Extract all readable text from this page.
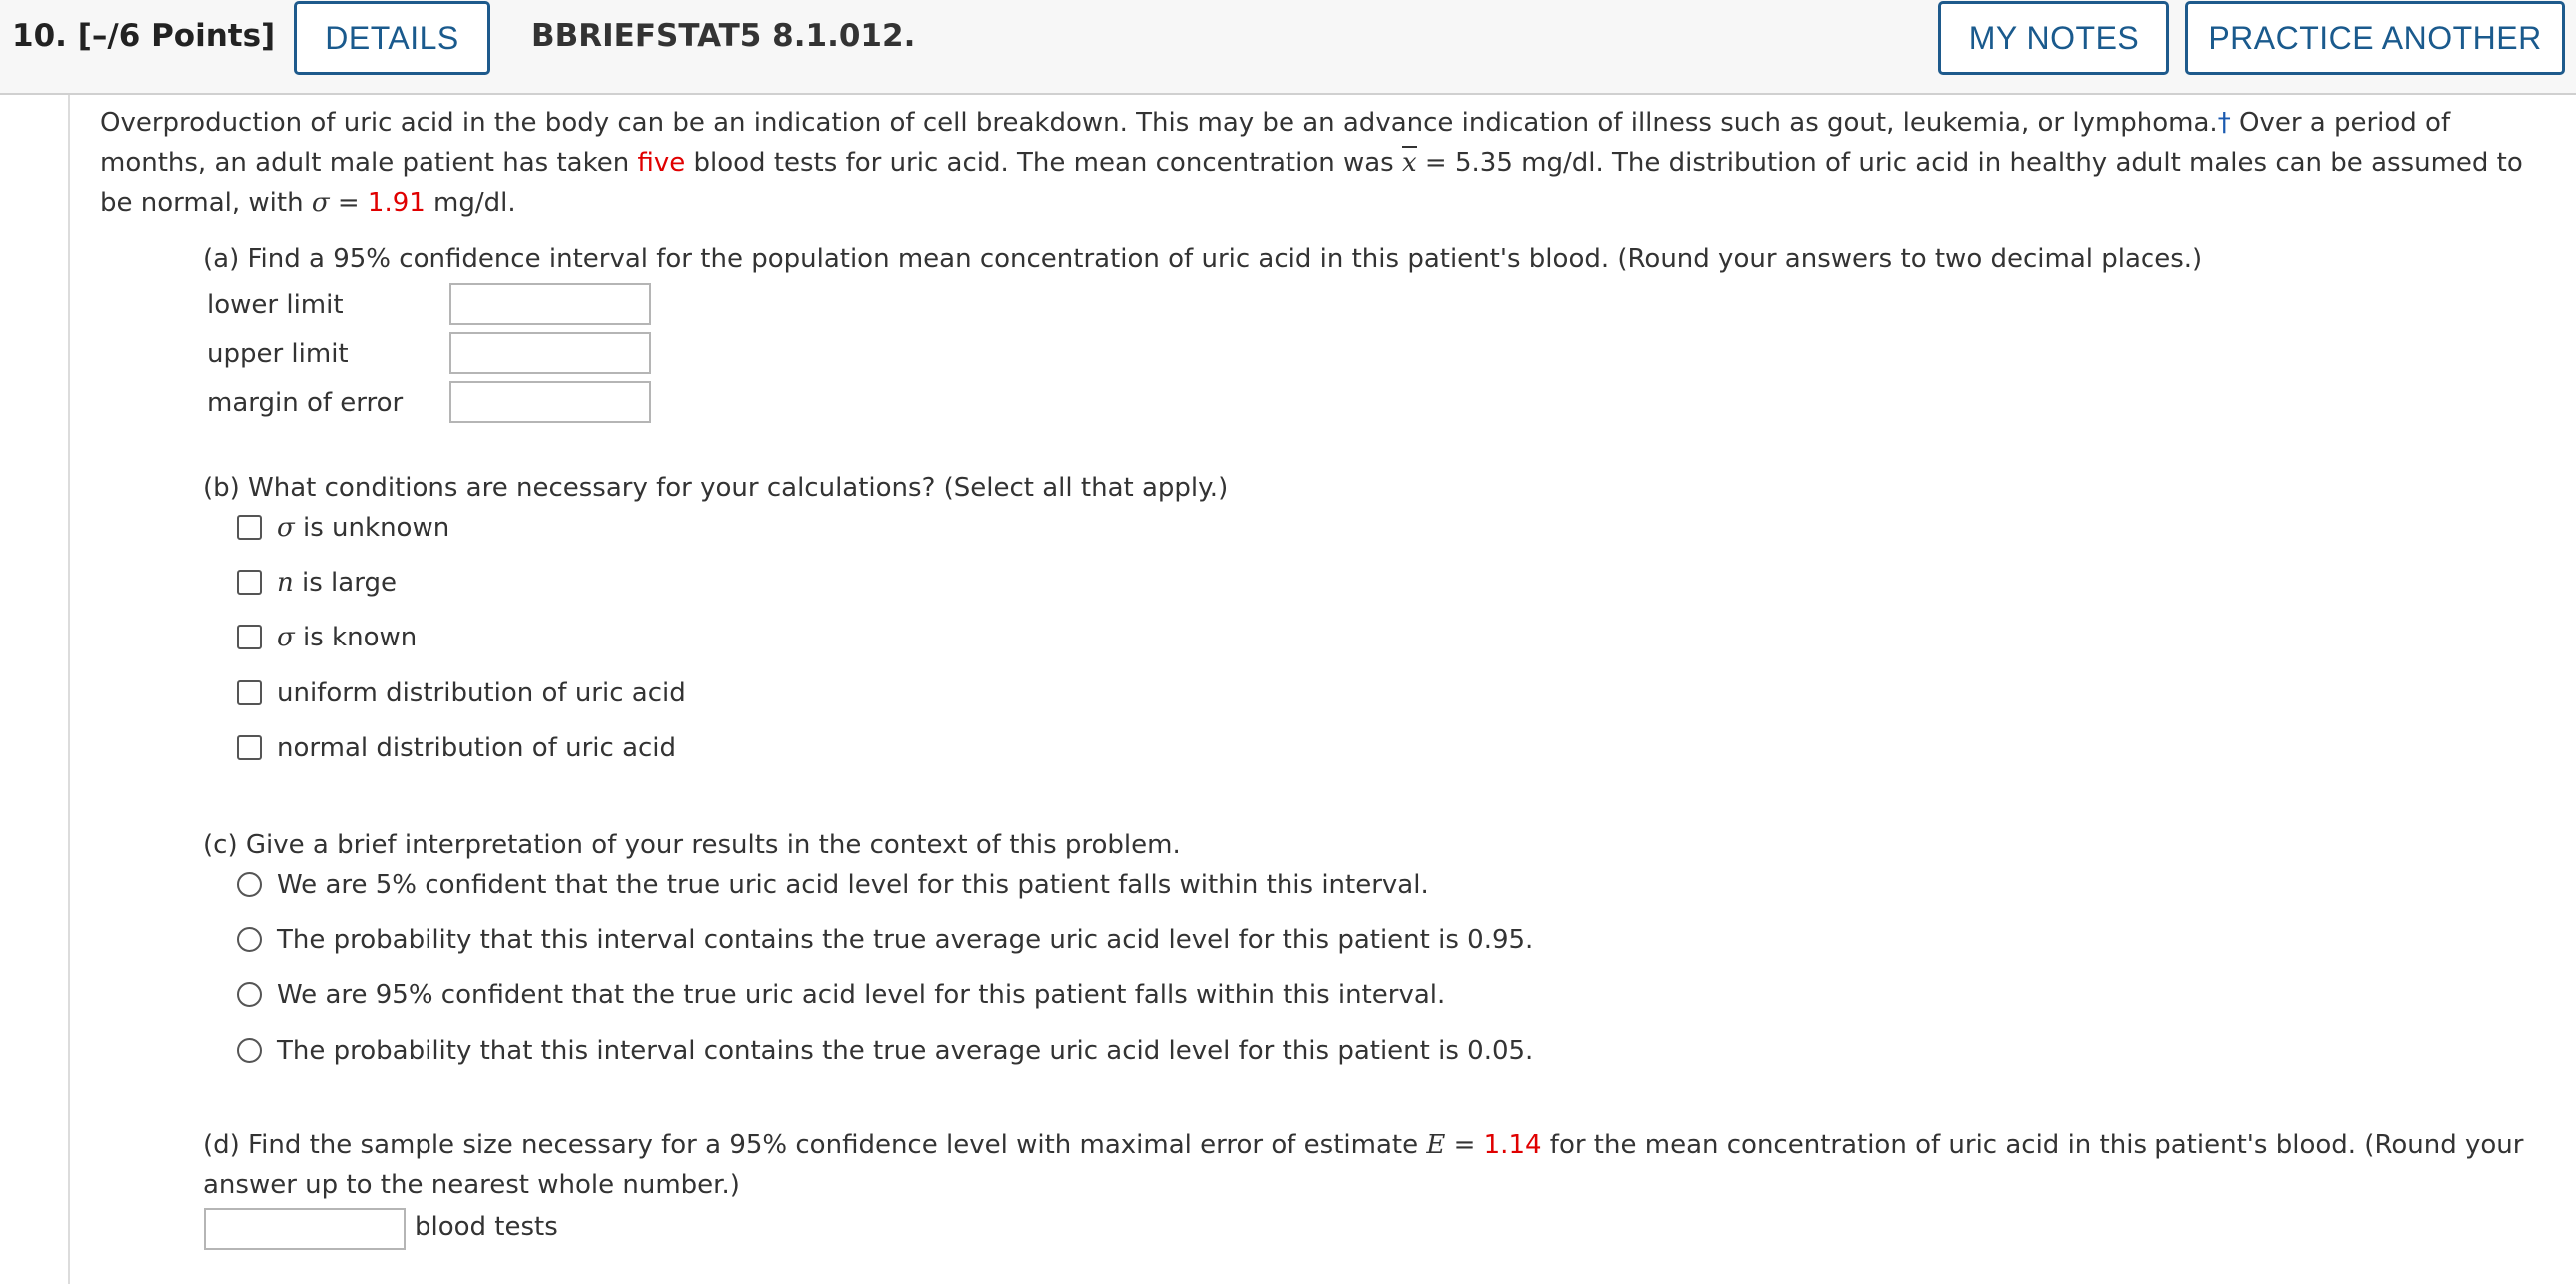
10. [–/6 Points]	DETAILS	BBRIEFSTAT5 8.1.012.	MY NOTES	PRACTICE ANOTHER
Overproduction of uric acid in the body can be an indication of cell breakdown. This may be an advance indication of illness such as gout, leukemia, or lymphoma.† Over a period of
months, an adult male patient has taken five blood tests for uric acid. The mean concentration was x = 5.35 mg/dl. The distribution of uric acid in healthy adult males can be assumed to
be normal, with σ = 1.91 mg/dl.
(a) Find a 95% confidence interval for the population mean concentration of uric acid in this patient's blood. (Round your answers to two decimal places.)
lower limit
upper limit
margin of error
(b) What conditions are necessary for your calculations? (Select all that apply.)
σ is unknown
n is large
σ is known
uniform distribution of uric acid
normal distribution of uric acid
(c) Give a brief interpretation of your results in the context of this problem.
We are 5% confident that the true uric acid level for this patient falls within this interval.
The probability that this interval contains the true average uric acid level for this patient is 0.95.
We are 95% confident that the true uric acid level for this patient falls within this interval.
The probability that this interval contains the true average uric acid level for this patient is 0.05.
(d) Find the sample size necessary for a 95% confidence level with maximal error of estimate E = 1.14 for the mean concentration of uric acid in this patient's blood. (Round your
answer up to the nearest whole number.)
blood tests
